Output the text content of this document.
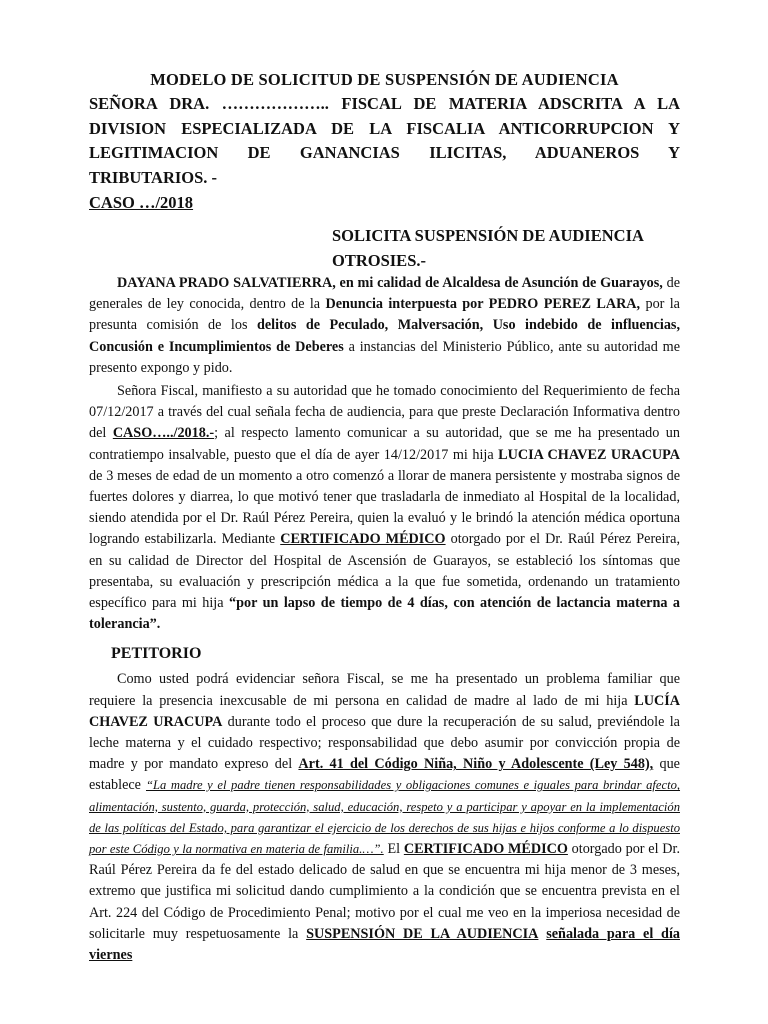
MODELO DE SOLICITUD DE SUSPENSIÓN DE AUDIENCIA

SEÑORA DRA. ……………….. FISCAL DE MATERIA ADSCRITA A LA

DIVISION ESPECIALIZADA DE LA FISCALIA ANTICORRUPCION Y

LEGITIMACION DE GANANCIAS ILICITAS, ADUANEROS Y

TRIBUTARIOS. -

CASO …/2018

SOLICITA SUSPENSIÓN DE AUDIENCIA
OTROSIES.-

DAYANA PRADO SALVATIERRA, en mi calidad de Alcaldesa de Asunción de Guarayos, de generales de ley conocida, dentro de la Denuncia interpuesta por PEDRO PEREZ LARA, por la presunta comisión de los delitos de Peculado, Malversación, Uso indebido de influencias, Concusión e Incumplimientos de Deberes a instancias del Ministerio Público, ante su autoridad me presento expongo y pido.

Señora Fiscal, manifiesto a su autoridad que he tomado conocimiento del Requerimiento de fecha 07/12/2017 a través del cual señala fecha de audiencia, para que preste Declaración Informativa dentro del CASO…../2018.-; al respecto lamento comunicar a su autoridad, que se me ha presentado un contratiempo insalvable, puesto que el día de ayer 14/12/2017 mi hija LUCIA CHAVEZ URACUPA de 3 meses de edad de un momento a otro comenzó a llorar de manera persistente y mostraba signos de fuertes dolores y diarrea, lo que motivó tener que trasladarla de inmediato al Hospital de la localidad, siendo atendida por el Dr. Raúl Pérez Pereira, quien la evaluó y le brindó la atención médica oportuna logrando estabilizarla. Mediante CERTIFICADO MÉDICO otorgado por el Dr. Raúl Pérez Pereira, en su calidad de Director del Hospital de Ascensión de Guarayos, se estableció los síntomas que presentaba, su evaluación y prescripción médica a la que fue sometida, ordenando un tratamiento específico para mi hija “por un lapso de tiempo de 4 días, con atención de lactancia materna a tolerancia”.

PETITORIO

Como usted podrá evidenciar señora Fiscal, se me ha presentado un problema familiar que requiere la presencia inexcusable de mi persona en calidad de madre al lado de mi hija LUCÍA CHAVEZ URACUPA durante todo el proceso que dure la recuperación de su salud, previéndole la leche materna y el cuidado respectivo; responsabilidad que debo asumir por convicción propia de madre y por mandato expreso del Art. 41 del Código Niña, Niño y Adolescente (Ley 548), que establece “La madre y el padre tienen responsabilidades y obligaciones comunes e iguales para brindar afecto, alimentación, sustento, guarda, protección, salud, educación, respeto y a participar y apoyar en la implementación de las políticas del Estado, para garantizar el ejercicio de los derechos de sus hijas e hijos conforme a lo dispuesto por este Código y la normativa en materia de familia.…”. El CERTIFICADO MÉDICO otorgado por el Dr. Raúl Pérez Pereira da fe del estado delicado de salud en que se encuentra mi hija menor de 3 meses, extremo que justifica mi solicitud dando cumplimiento a la condición que se encuentra prevista en el Art. 224 del Código de Procedimiento Penal; motivo por el cual me veo en la imperiosa necesidad de solicitarle muy respetuosamente la SUSPENSIÓN DE LA AUDIENCIA señalada para el día viernes
